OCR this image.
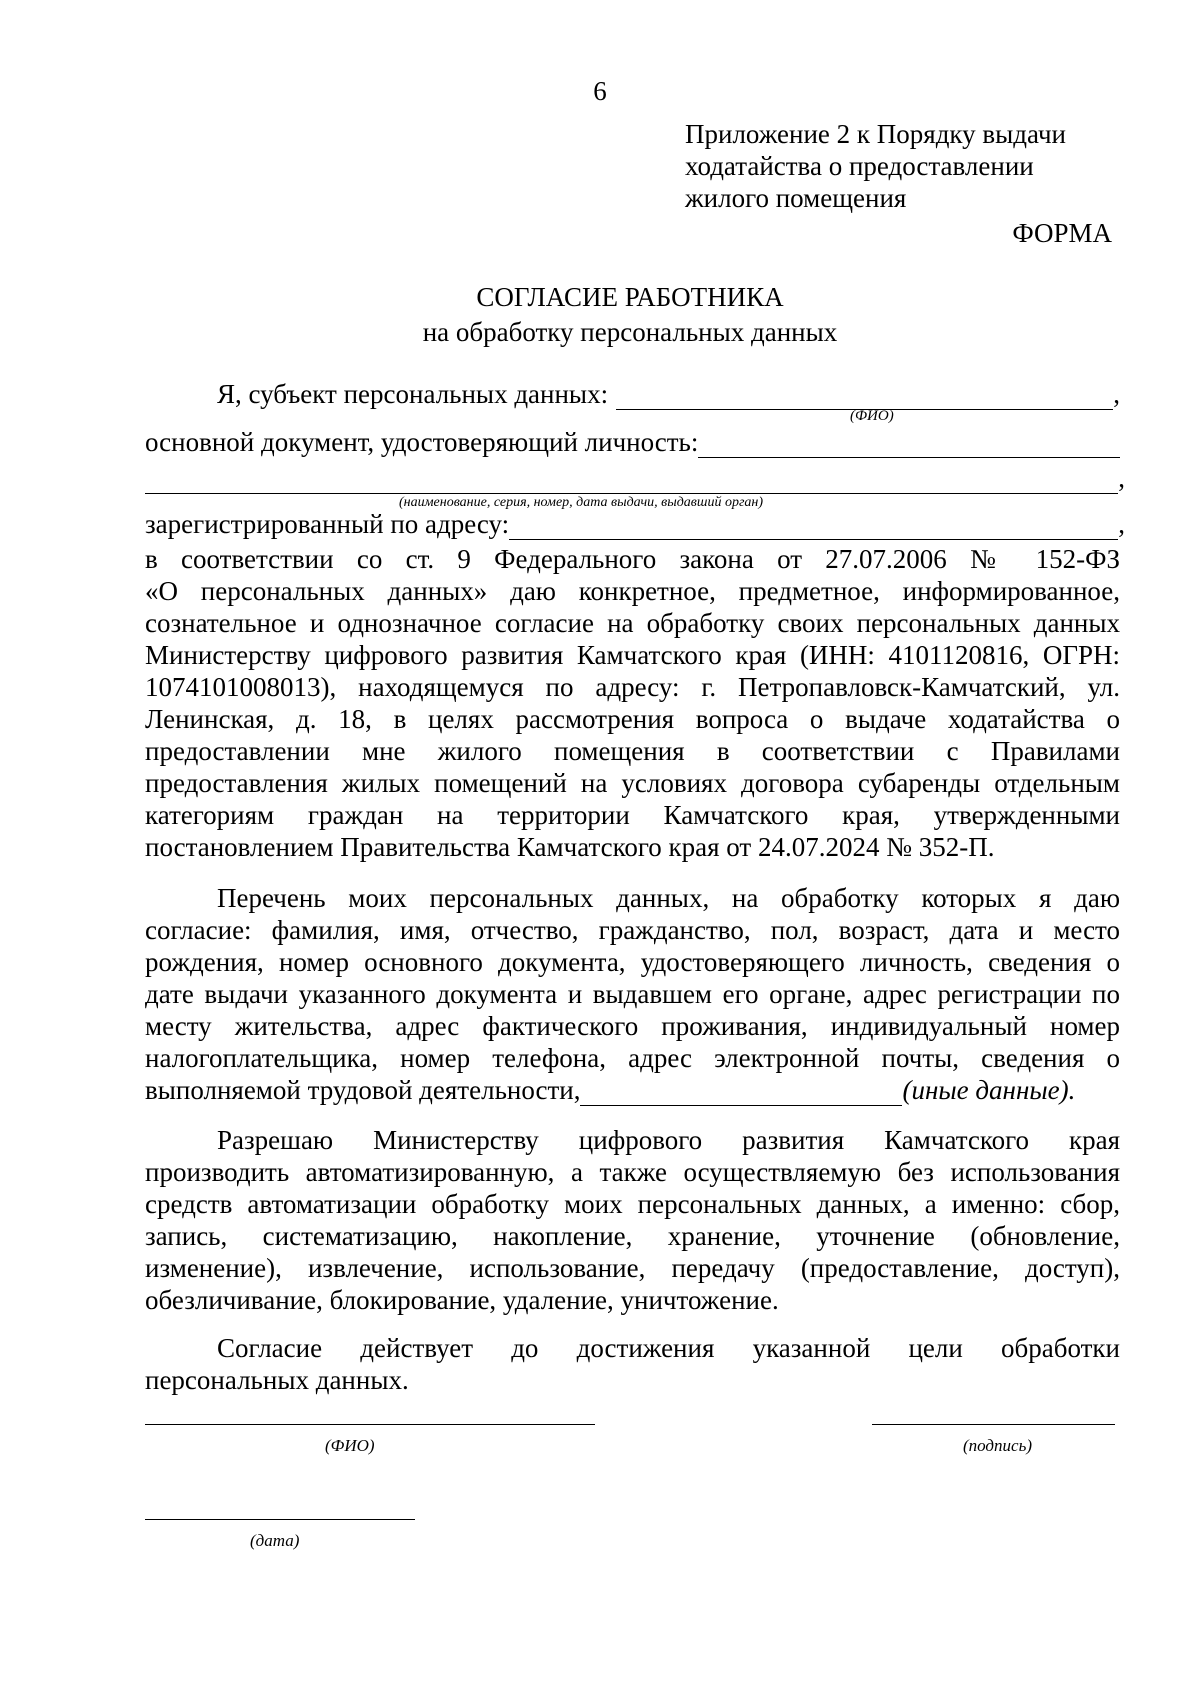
6
Приложение 2 к Порядку выдачи
ходатайства о предоставлении
жилого помещения
ФОРМА
СОГЛАСИЕ РАБОТНИКА
на обработку персональных данных
Я, субъект персональных данных:	,
(ФИО)
основной документ, удостоверяющий личность:
,
(наименование, серия, номер, дата выдачи, выдавший орган)
зарегистрированный по адресу:	,
в соответствии со ст. 9 Федерального закона от 27.07.2006 № 152-ФЗ
«О персональных данных» даю конкретное, предметное, информированное,
сознательное и однозначное согласие на обработку своих персональных данных
Министерству цифрового развития Камчатского края (ИНН: 4101120816, ОГРН:
1074101008013), находящемуся по адресу: г. Петропавловск-Камчатский, ул.
Ленинская, д. 18, в целях рассмотрения вопроса о выдаче ходатайства о
предоставлении мне жилого помещения в соответствии с Правилами
предоставления жилых помещений на условиях договора субаренды отдельным
категориям граждан на территории Камчатского края, утвержденными
постановлением Правительства Камчатского края от 24.07.2024 № 352-П.
Перечень моих персональных данных, на обработку которых я даю
согласие: фамилия, имя, отчество, гражданство, пол, возраст, дата и место
рождения, номер основного документа, удостоверяющего личность, сведения о
дате выдачи указанного документа и выдавшем его органе, адрес регистрации по
месту жительства, адрес фактического проживания, индивидуальный номер
налогоплательщика, номер телефона, адрес электронной почты, сведения о
выполняемой трудовой деятельности,	(иные данные).
Разрешаю Министерству цифрового развития Камчатского края
производить автоматизированную, а также осуществляемую без использования
средств автоматизации обработку моих персональных данных, а именно: сбор,
запись, систематизацию, накопление, хранение, уточнение (обновление,
изменение), извлечение, использование, передачу (предоставление, доступ),
обезличивание, блокирование, удаление, уничтожение.
Согласие действует до достижения указанной цели обработки
персональных данных.
(ФИО)	(подпись)
(дата)
